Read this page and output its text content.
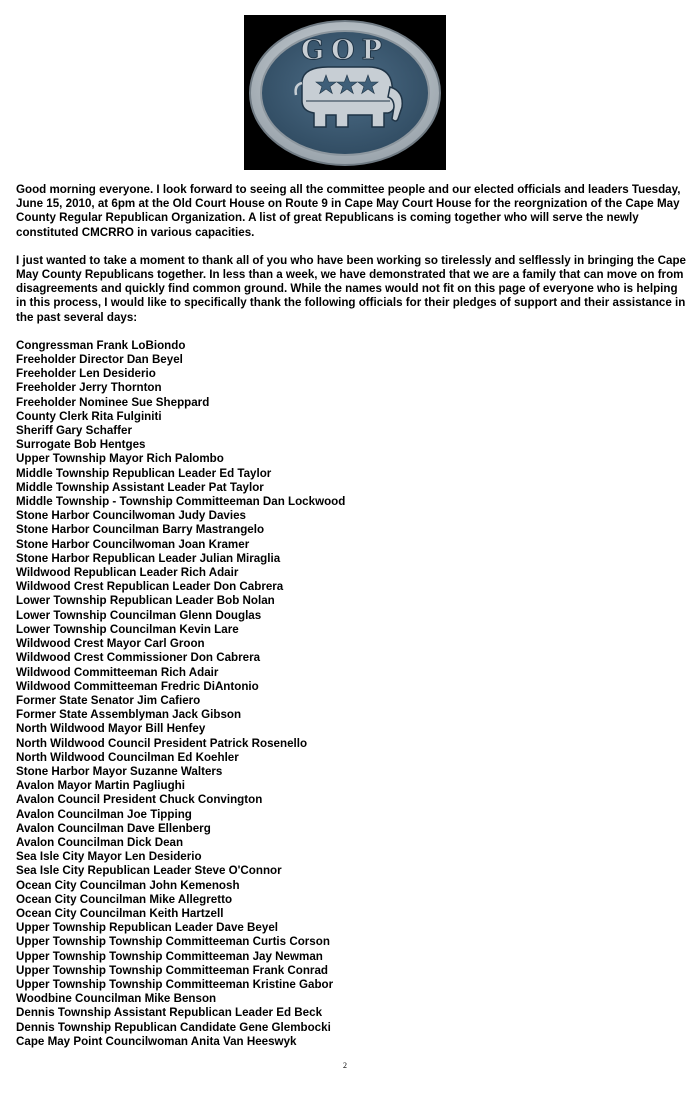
GOP

Good morning everyone. I look forward to seeing all the committee people and our elected officials and leaders Tuesday, June 15, 2010, at 6pm at the Old Court House on Route 9 in Cape May Court House for the reorgnization of the Cape May County Regular Republican Organization. A list of great Republicans is coming together who will serve the newly constituted CMCRRO in various capacities.

I just wanted to take a moment to thank all of you who have been working so tirelessly and selflessly in bringing the Cape May County Republicans together. In less than a week, we have demonstrated that we are a family that can move on from disagreements and quickly find common ground. While the names would not fit on this page of everyone who is helping in this process, I would like to specifically thank the following officials for their pledges of support and their assistance in the past several days:

Congressman Frank LoBiondo
Freeholder Director Dan Beyel
Freeholder Len Desiderio
Freeholder Jerry Thornton
Freeholder Nominee Sue Sheppard
County Clerk Rita Fulginiti
Sheriff Gary Schaffer
Surrogate Bob Hentges
Upper Township Mayor Rich Palombo
Middle Township Republican Leader Ed Taylor
Middle Township Assistant Leader Pat Taylor
Middle Township - Township Committeeman Dan Lockwood
Stone Harbor Councilwoman Judy Davies
Stone Harbor Councilman Barry Mastrangelo
Stone Harbor Councilwoman Joan Kramer
Stone Harbor Republican Leader Julian Miraglia
Wildwood Republican Leader Rich Adair
Wildwood Crest Republican Leader Don Cabrera
Lower Township Republican Leader Bob Nolan
Lower Township Councilman Glenn Douglas
Lower Township Councilman Kevin Lare
Wildwood Crest Mayor Carl Groon
Wildwood Crest Commissioner Don Cabrera
Wildwood Committeeman Rich Adair
Wildwood Committeeman Fredric DiAntonio
Former State Senator Jim Cafiero
Former State Assemblyman Jack Gibson
North Wildwood Mayor Bill Henfey
North Wildwood Council President Patrick Rosenello
North Wildwood Councilman Ed Koehler
Stone Harbor Mayor Suzanne Walters
Avalon Mayor Martin Pagliughi
Avalon Council President Chuck Convington
Avalon Councilman Joe Tipping
Avalon Councilman Dave Ellenberg
Avalon Councilman Dick Dean
Sea Isle City Mayor Len Desiderio
Sea Isle City Republican Leader Steve O'Connor
Ocean City Councilman John Kemenosh
Ocean City Councilman Mike Allegretto
Ocean City Councilman Keith Hartzell
Upper Township Republican Leader Dave Beyel
Upper Township Township Committeeman Curtis Corson
Upper Township Township Committeeman Jay Newman
Upper Township Township Committeeman Frank Conrad
Upper Township Township Committeeman Kristine Gabor
Woodbine Councilman Mike Benson
Dennis Township Assistant Republican Leader Ed Beck
Dennis Township Republican Candidate Gene Glembocki
Cape May Point Councilwoman Anita Van Heeswyk
2
